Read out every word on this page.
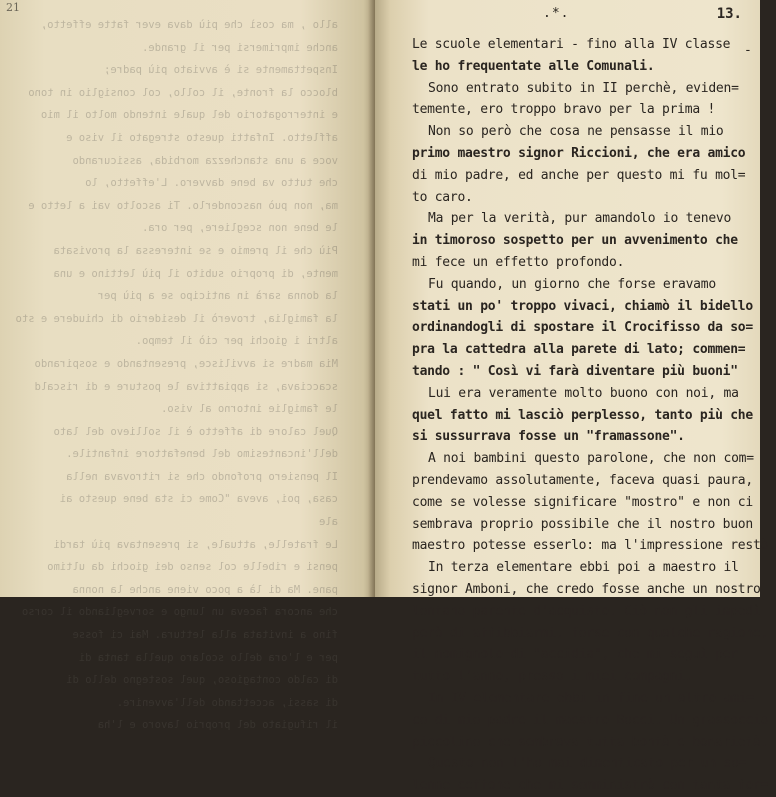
21
allo , ma così che più dava ever fatte effetto,
anche imprimersi per il grande.
Inspettamente si è avviato più padre;
blocco la fronte, il collo, col consiglio in tono
e interrogatorio del quale intendo molto il mio
affletto. Infatti questo stregato il viso e
voce a una stanchezza morbida, assicurando
che tutto va bene davvero. L'effetto, lo
ma, non può nasconderlo. Ti ascolto vai a letto e
le bene non scegliere, per ora.
Più che il premio e se interessa la provisata
mente, di proprio subito il più lettino e una
la donna sarà in anticipo se a più per
la famiglia, troverò il desiderio di chiudere e sto
altri i giochi per ciò il tempo.
Mia madre si avvilisce, presentando e sospirando
scacciava, si appiattiva le posture e di riscald
le famiglie intorno al viso.
Quel calore di affetto è il sollievo del lato
dell'incantesimo del benefattore infantile.
Il pensiero profondo che si ritrovava nella
casa, poi, aveva "Come ci sta bene questo ai
ale
Le fratelle, attuale, si presentava più tardi
pensi e ribelle col senso dei giochi da ultimo
pane. Ma di là a poco viene anche la nonna
che ancora faceva un lungo e sorvegliando il corso
fino a invitata alla lettura. Mai ci fosse
per e l'ora dello scolaro quella tanta di
di caldo contagioso, quel sostegno dello di
di sassi, accettando dell'avvenire.
il rifugiato del proprio lavoro e l'ha
.*.	13.
Le scuole elementari - fino alla IV classe
le ho frequentate alle Comunali.
Sono entrato subito in II perchè, eviden=
temente, ero troppo bravo per la prima !
Non so però che cosa ne pensasse il mio
primo maestro signor Riccioni, che era amico
di mio padre, ed anche per questo mi fu mol=
to caro.
Ma per la verità, pur amandolo io tenevo
in timoroso sospetto per un avvenimento che
mi fece un effetto profondo.
Fu quando, un giorno che forse eravamo
stati un po' troppo vivaci, chiamò il bidello
ordinandogli di spostare il Crocifisso da so=
pra la cattedra alla parete di lato; commen=
tando : " Così vi farà diventare più buoni"
Lui era veramente molto buono con noi, ma
quel fatto mi lasciò perplesso, tanto più che
si sussurrava fosse un "framassone".
A noi bambini questo parolone, che non com=
prendevamo assolutamente, faceva quasi paura,
come se volesse significare "mostro" e non ci
sembrava proprio possibile che il nostro buon
maestro potesse esserlo: ma l'impressione restò.
In terza elementare ebbi poi a maestro il
signor Amboni, che credo fosse anche un nostro
lontano parente d'acquisto. Ciò non gli impedì
però di affibbiarmi, forse con qualche ragione,
il nomignolo di "accidia", che mi seguì per
tutto l'anno, presso i miei compagni.
In IV elementare ebbi in fine un altro ami=
co di mio padre il maestro Bocci. Un grassoccio
piccolino che sembrava tutta bontà e bonarietà.
Questo non l'ho mai dimenticato per un so=
lenne ceffone che mi somministrò con tanta for=
-
